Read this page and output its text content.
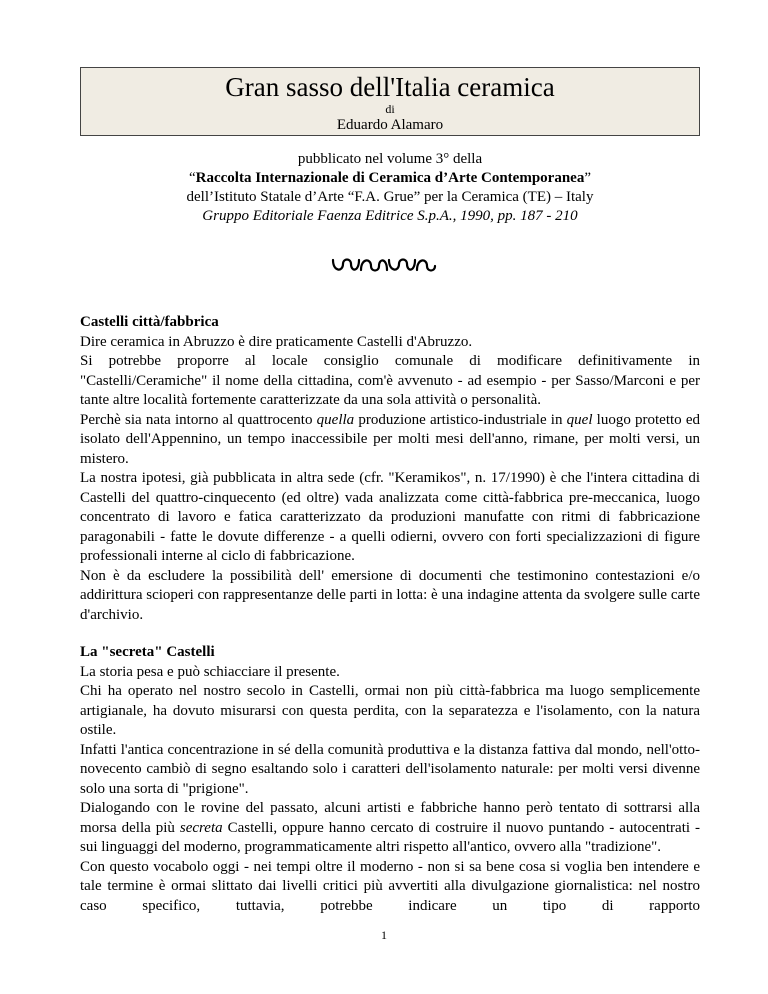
Gran sasso dell'Italia ceramica
di
Eduardo Alamaro
pubblicato nel volume 3° della
“Raccolta Internazionale di Ceramica d’Arte Contemporanea”
dell’Istituto Statale d’Arte “F.A. Grue” per la Ceramica (TE) – Italy
Gruppo Editoriale Faenza Editrice S.p.A., 1990, pp. 187 - 210
Castelli città/fabbrica

Dire ceramica in Abruzzo è dire praticamente Castelli d'Abruzzo.

Si potrebbe proporre al locale consiglio comunale di modificare definitivamente in "Castelli/Ceramiche" il nome della cittadina, com'è avvenuto - ad esempio - per Sasso/Marconi e per tante altre località fortemente caratterizzate da una sola attività o personalità.

Perchè sia nata intorno al quattrocento quella produzione artistico-industriale in quel luogo protetto ed isolato dell'Appennino, un tempo inaccessibile per molti mesi dell'anno, rimane, per molti versi, un mistero.

La nostra ipotesi, già pubblicata in altra sede (cfr. "Keramikos", n. 17/1990) è che l'intera cittadina di Castelli del quattro-cinquecento (ed oltre) vada analizzata come città-fabbrica pre-meccanica, luogo concentrato di lavoro e fatica caratterizzato da produzioni manufatte con ritmi di fabbricazione paragonabili - fatte le dovute differenze - a quelli odierni, ovvero con forti specializzazioni di figure professionali interne al ciclo di fabbricazione.

Non è da escludere la possibilità dell' emersione di documenti che testimonino contestazioni e/o addirittura scioperi con rappresentanze delle parti in lotta: è una indagine attenta da svolgere sulle carte d'archivio.

La "secreta" Castelli

La storia pesa e può schiacciare il presente.

Chi ha operato nel nostro secolo in Castelli, ormai non più città-fabbrica ma luogo semplicemente artigianale, ha dovuto misurarsi con questa perdita, con la separatezza e l'isolamento, con la natura ostile.

Infatti l'antica concentrazione in sé della comunità produttiva e la distanza fattiva dal mondo, nell'otto-novecento cambiò di segno esaltando solo i caratteri dell'isolamento naturale: per molti versi divenne solo una sorta di "prigione".

Dialogando con le rovine del passato, alcuni artisti e fabbriche hanno però tentato di sottrarsi alla morsa della più secreta Castelli, oppure hanno cercato di costruire il nuovo puntando - autocentrati - sui linguaggi del moderno, programmaticamente altri rispetto all'antico, ovvero alla "tradizione".

Con questo vocabolo oggi - nei tempi oltre il moderno - non si sa bene cosa si voglia ben intendere e tale termine è ormai slittato dai livelli critici più avvertiti alla divulgazione giornalistica: nel nostro caso specifico, tuttavia, potrebbe indicare un tipo di rapporto

1
